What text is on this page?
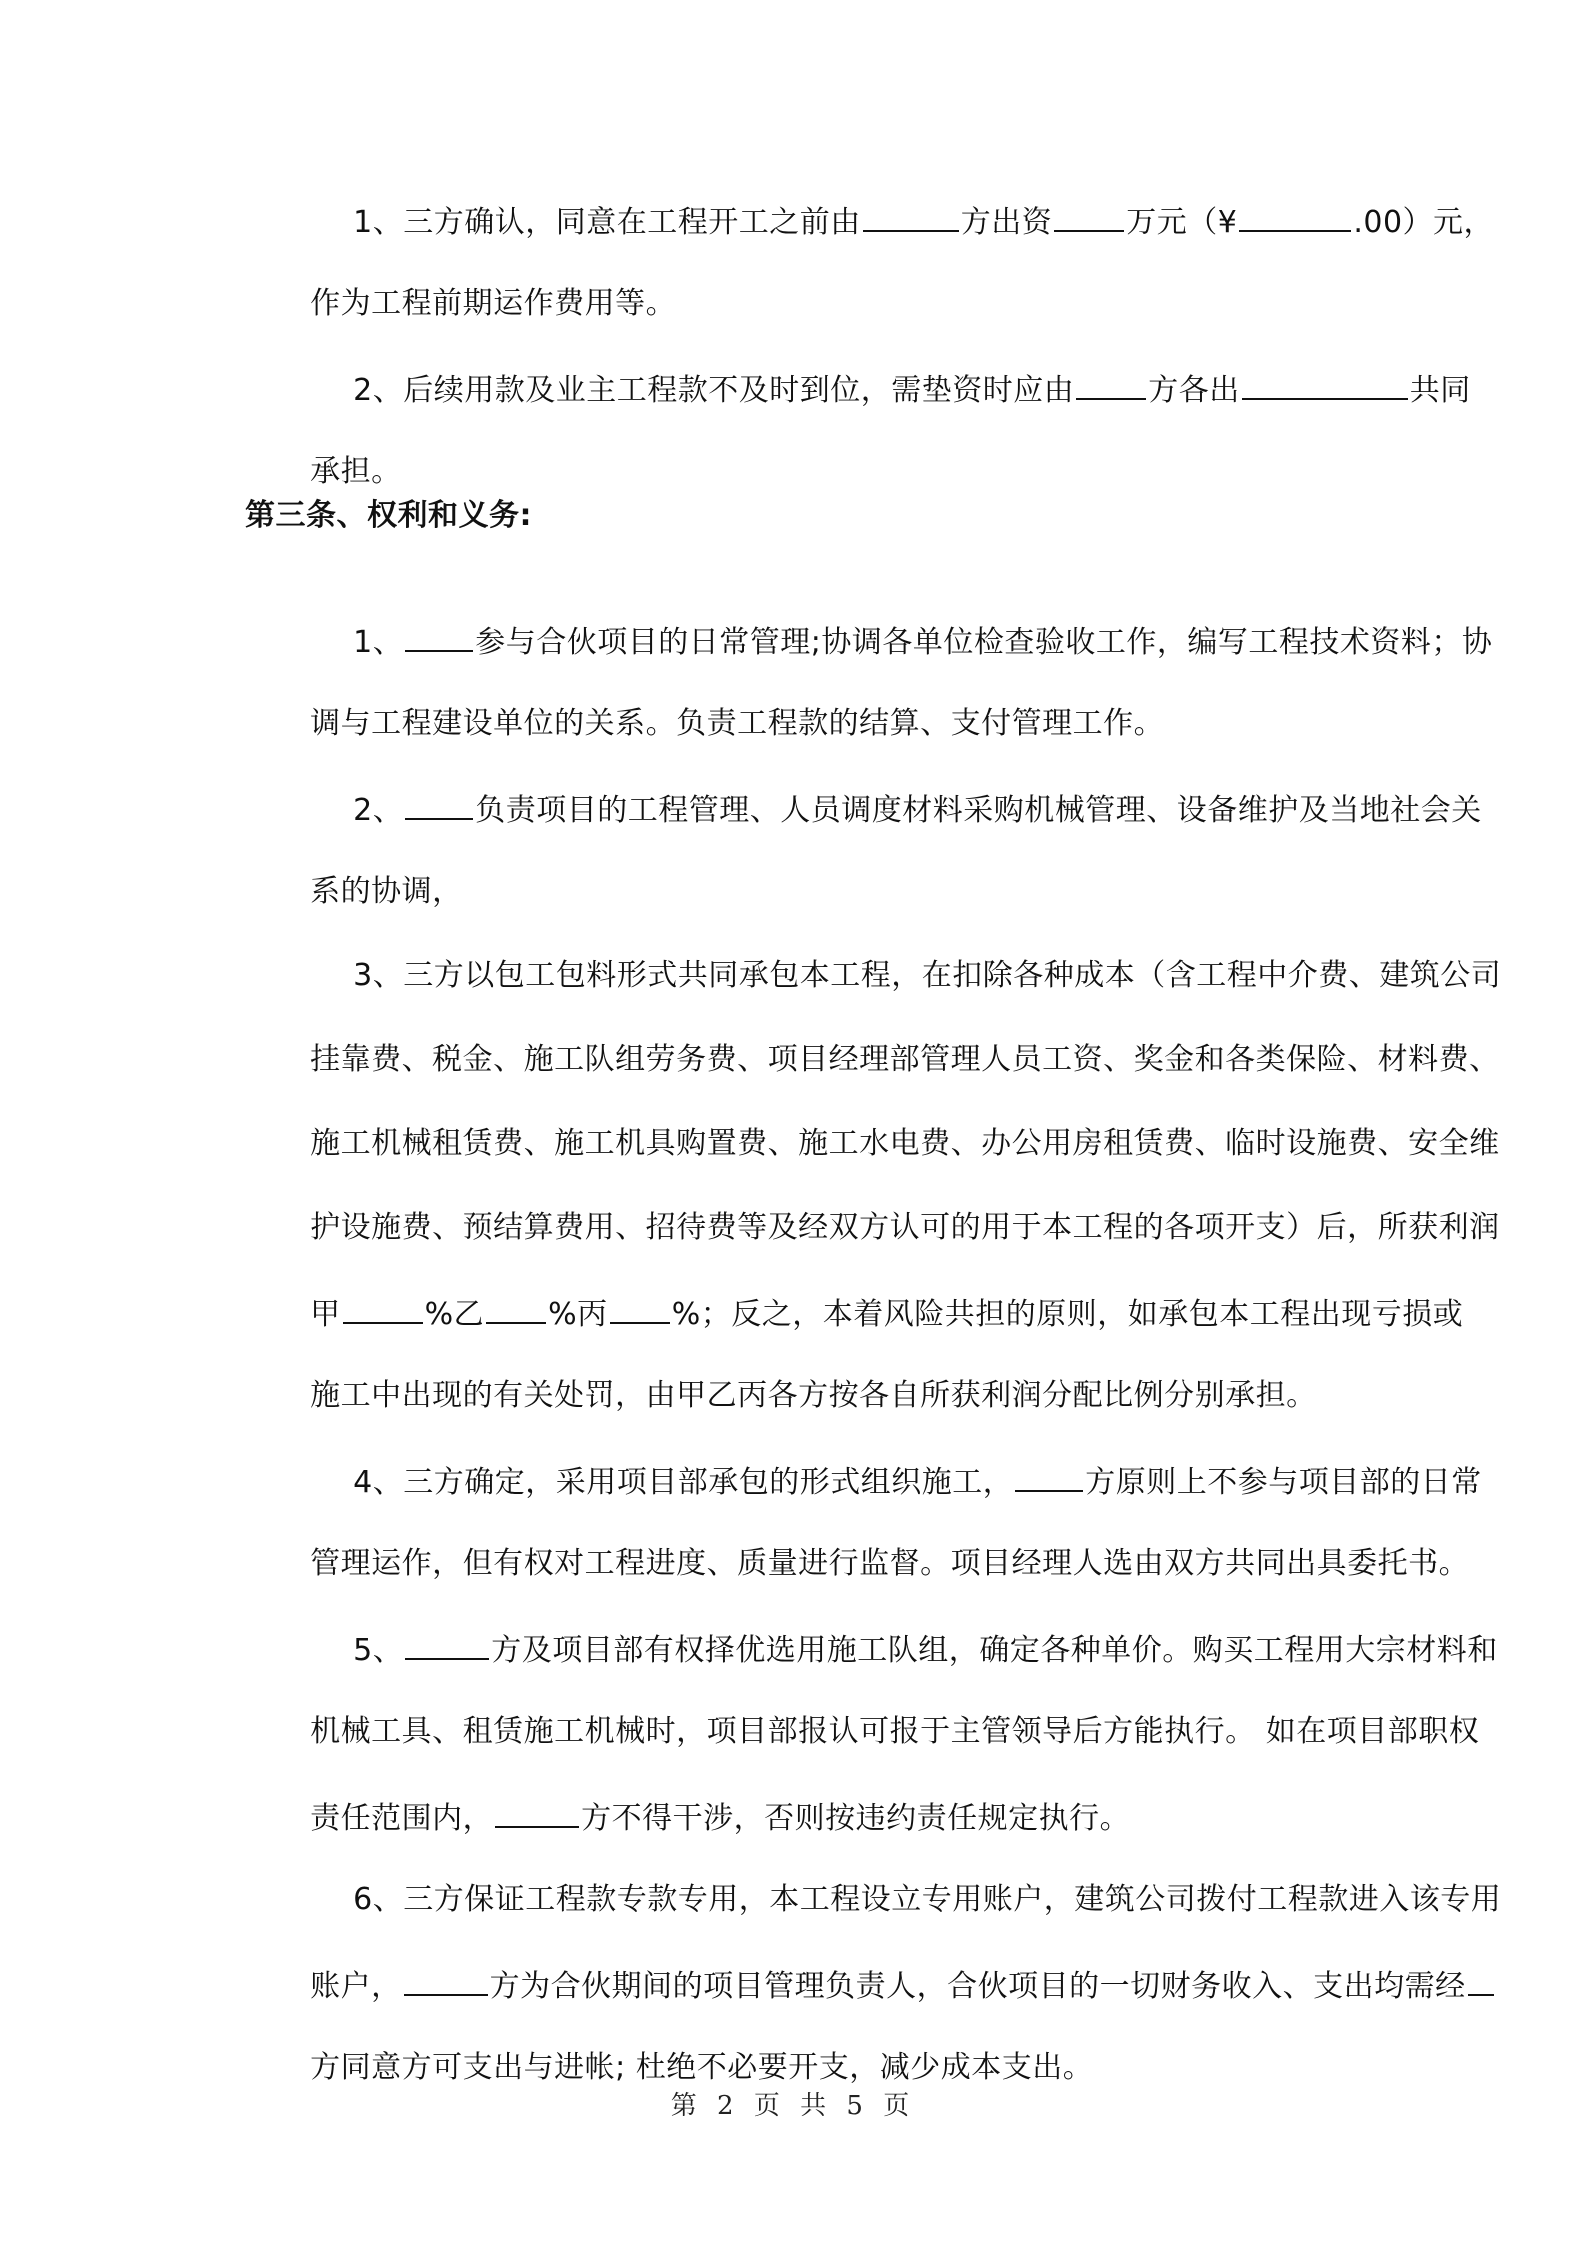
1、三方确认，同意在工程开工之前由	方出资 万元（¥	.00）元，

作为工程前期运作费用等。

2、后续用款及业主工程款不及时到位，需垫资时应由 方各出	共同

承担。

第三条、权利和义务:

1、 参与合伙项目的日常管理;协调各单位检查验收工作，编写工程技术资料；协

调与工程建设单位的关系。负责工程款的结算、支付管理工作。

2、 负责项目的工程管理、人员调度材料采购机械管理、设备维护及当地社会关

系的协调，

3、三方以包工包料形式共同承包本工程，在扣除各种成本（含工程中介费、建筑公司

挂靠费、税金、施工队组劳务费、项目经理部管理人员工资、奖金和各类保险、材料费、

施工机械租赁费、施工机具购置费、施工水电费、办公用房租赁费、临时设施费、安全维

护设施费、预结算费用、招待费等及经双方认可的用于本工程的各项开支）后，所获利润

甲	%乙 %丙 %；反之，本着风险共担的原则，如承包本工程出现亏损或

施工中出现的有关处罚，由甲乙丙各方按各自所获利润分配比例分别承担。

4、三方确定，采用项目部承包的形式组织施工， 方原则上不参与项目部的日常

管理运作，但有权对工程进度、质量进行监督。项目经理人选由双方共同出具委托书。

5、	方及项目部有权择优选用施工队组，确定各种单价。购买工程用大宗材料和

机械工具、租赁施工机械时，项目部报认可报于主管领导后方能执行。 如在项目部职权

责任范围内，	方不得干涉，否则按违约责任规定执行。

6、三方保证工程款专款专用，本工程设立专用账户，建筑公司拨付工程款进入该专用

账户，	方为合伙期间的项目管理负责人，合伙项目的一切财务收入、支出均需经

方同意方可支出与进帐; 杜绝不必要开支，减少成本支出。

第 2 页 共 5 页
